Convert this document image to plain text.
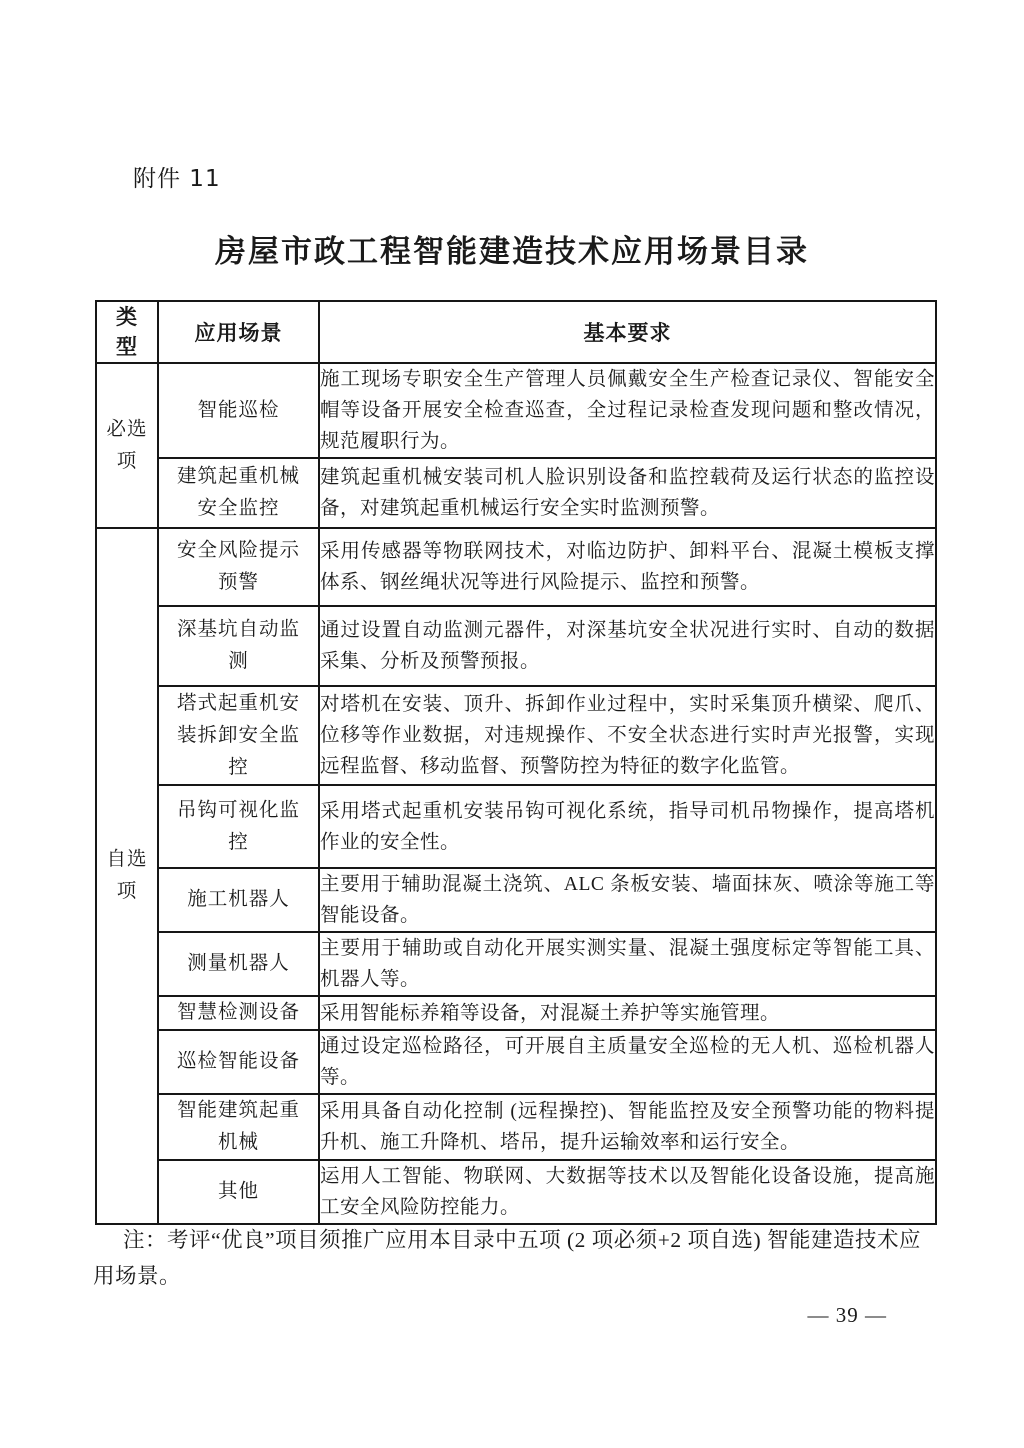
附件 11
房屋市政工程智能建造技术应用场景目录
类型	应用场景	基本要求
必选项	智能巡检	施工现场专职安全生产管理人员佩戴安全生产检查记录仪、智能安全帽等设备开展安全检查巡查，全过程记录检查发现问题和整改情况，规范履职行为。

	建筑起重机械安全监控	建筑起重机械安装司机人脸识别设备和监控载荷及运行状态的监控设备，对建筑起重机械运行安全实时监测预警。

自选项	安全风险提示预警	采用传感器等物联网技术，对临边防护、卸料平台、混凝土模板支撑体系、钢丝绳状况等进行风险提示、监控和预警。

	深基坑自动监测	通过设置自动监测元器件，对深基坑安全状况进行实时、自动的数据采集、分析及预警预报。

	塔式起重机安装拆卸安全监控	对塔机在安装、顶升、拆卸作业过程中，实时采集顶升横梁、爬爪、位移等作业数据，对违规操作、不安全状态进行实时声光报警，实现远程监督、移动监督、预警防控为特征的数字化监管。

	吊钩可视化监控	采用塔式起重机安装吊钩可视化系统，指导司机吊物操作，提高塔机作业的安全性。

	施工机器人	主要用于辅助混凝土浇筑、ALC 条板安装、墙面抹灰、喷涂等施工等智能设备。

	测量机器人	主要用于辅助或自动化开展实测实量、混凝土强度标定等智能工具、机器人等。

	智慧检测设备	采用智能标养箱等设备，对混凝土养护等实施管理。

	巡检智能设备	通过设定巡检路径，可开展自主质量安全巡检的无人机、巡检机器人等。

	智能建筑起重机械	采用具备自动化控制 (远程操控)、智能监控及安全预警功能的物料提升机、施工升降机、塔吊，提升运输效率和运行安全。

	其他	运用人工智能、物联网、大数据等技术以及智能化设备设施，提高施工安全风险防控能力。

注：考评“优良”项目须推广应用本目录中五项 (2 项必须+2 项自选) 智能建造技术应用场景。

— 39 —
